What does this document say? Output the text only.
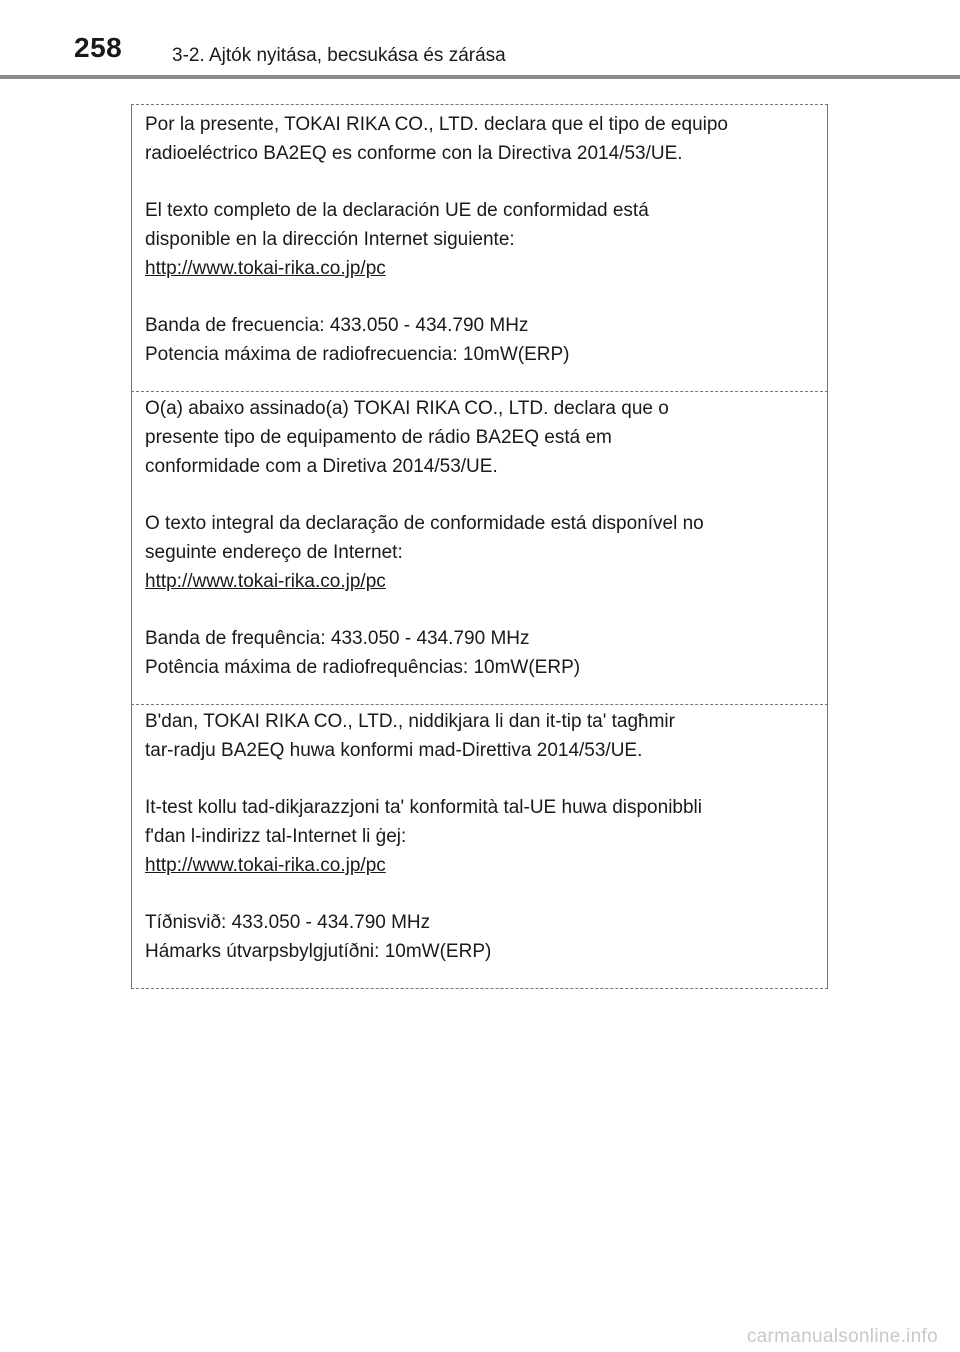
258	3-2. Ajtók nyitása, becsukása és zárása

Por la presente, TOKAI RIKA CO., LTD. declara que el tipo de equipo

radioeléctrico BA2EQ es conforme con la Directiva 2014/53/UE.

El texto completo de la declaración UE de conformidad está

disponible en la dirección Internet siguiente:

http://www.tokai-rika.co.jp/pc

Banda de frecuencia: 433.050 - 434.790 MHz

Potencia máxima de radiofrecuencia: 10mW(ERP)

O(a) abaixo assinado(a) TOKAI RIKA CO., LTD. declara que o

presente tipo de equipamento de rádio BA2EQ está em

conformidade com a Diretiva 2014/53/UE.

O texto integral da declaração de conformidade está disponível no

seguinte endereço de Internet:

http://www.tokai-rika.co.jp/pc

Banda de frequência: 433.050 - 434.790 MHz

Potência máxima de radiofrequências: 10mW(ERP)

B'dan, TOKAI RIKA CO., LTD., niddikjara li dan it-tip ta' tagħmir

tar-radju BA2EQ huwa konformi mad-Direttiva 2014/53/UE.

It-test kollu tad-dikjarazzjoni ta' konformità tal-UE huwa disponibbli

f'dan l-indirizz tal-Internet li ġej:

http://www.tokai-rika.co.jp/pc

Tíðnisvið: 433.050 - 434.790 MHz

Hámarks útvarpsbylgjutíðni: 10mW(ERP)

carmanualsonline.info
